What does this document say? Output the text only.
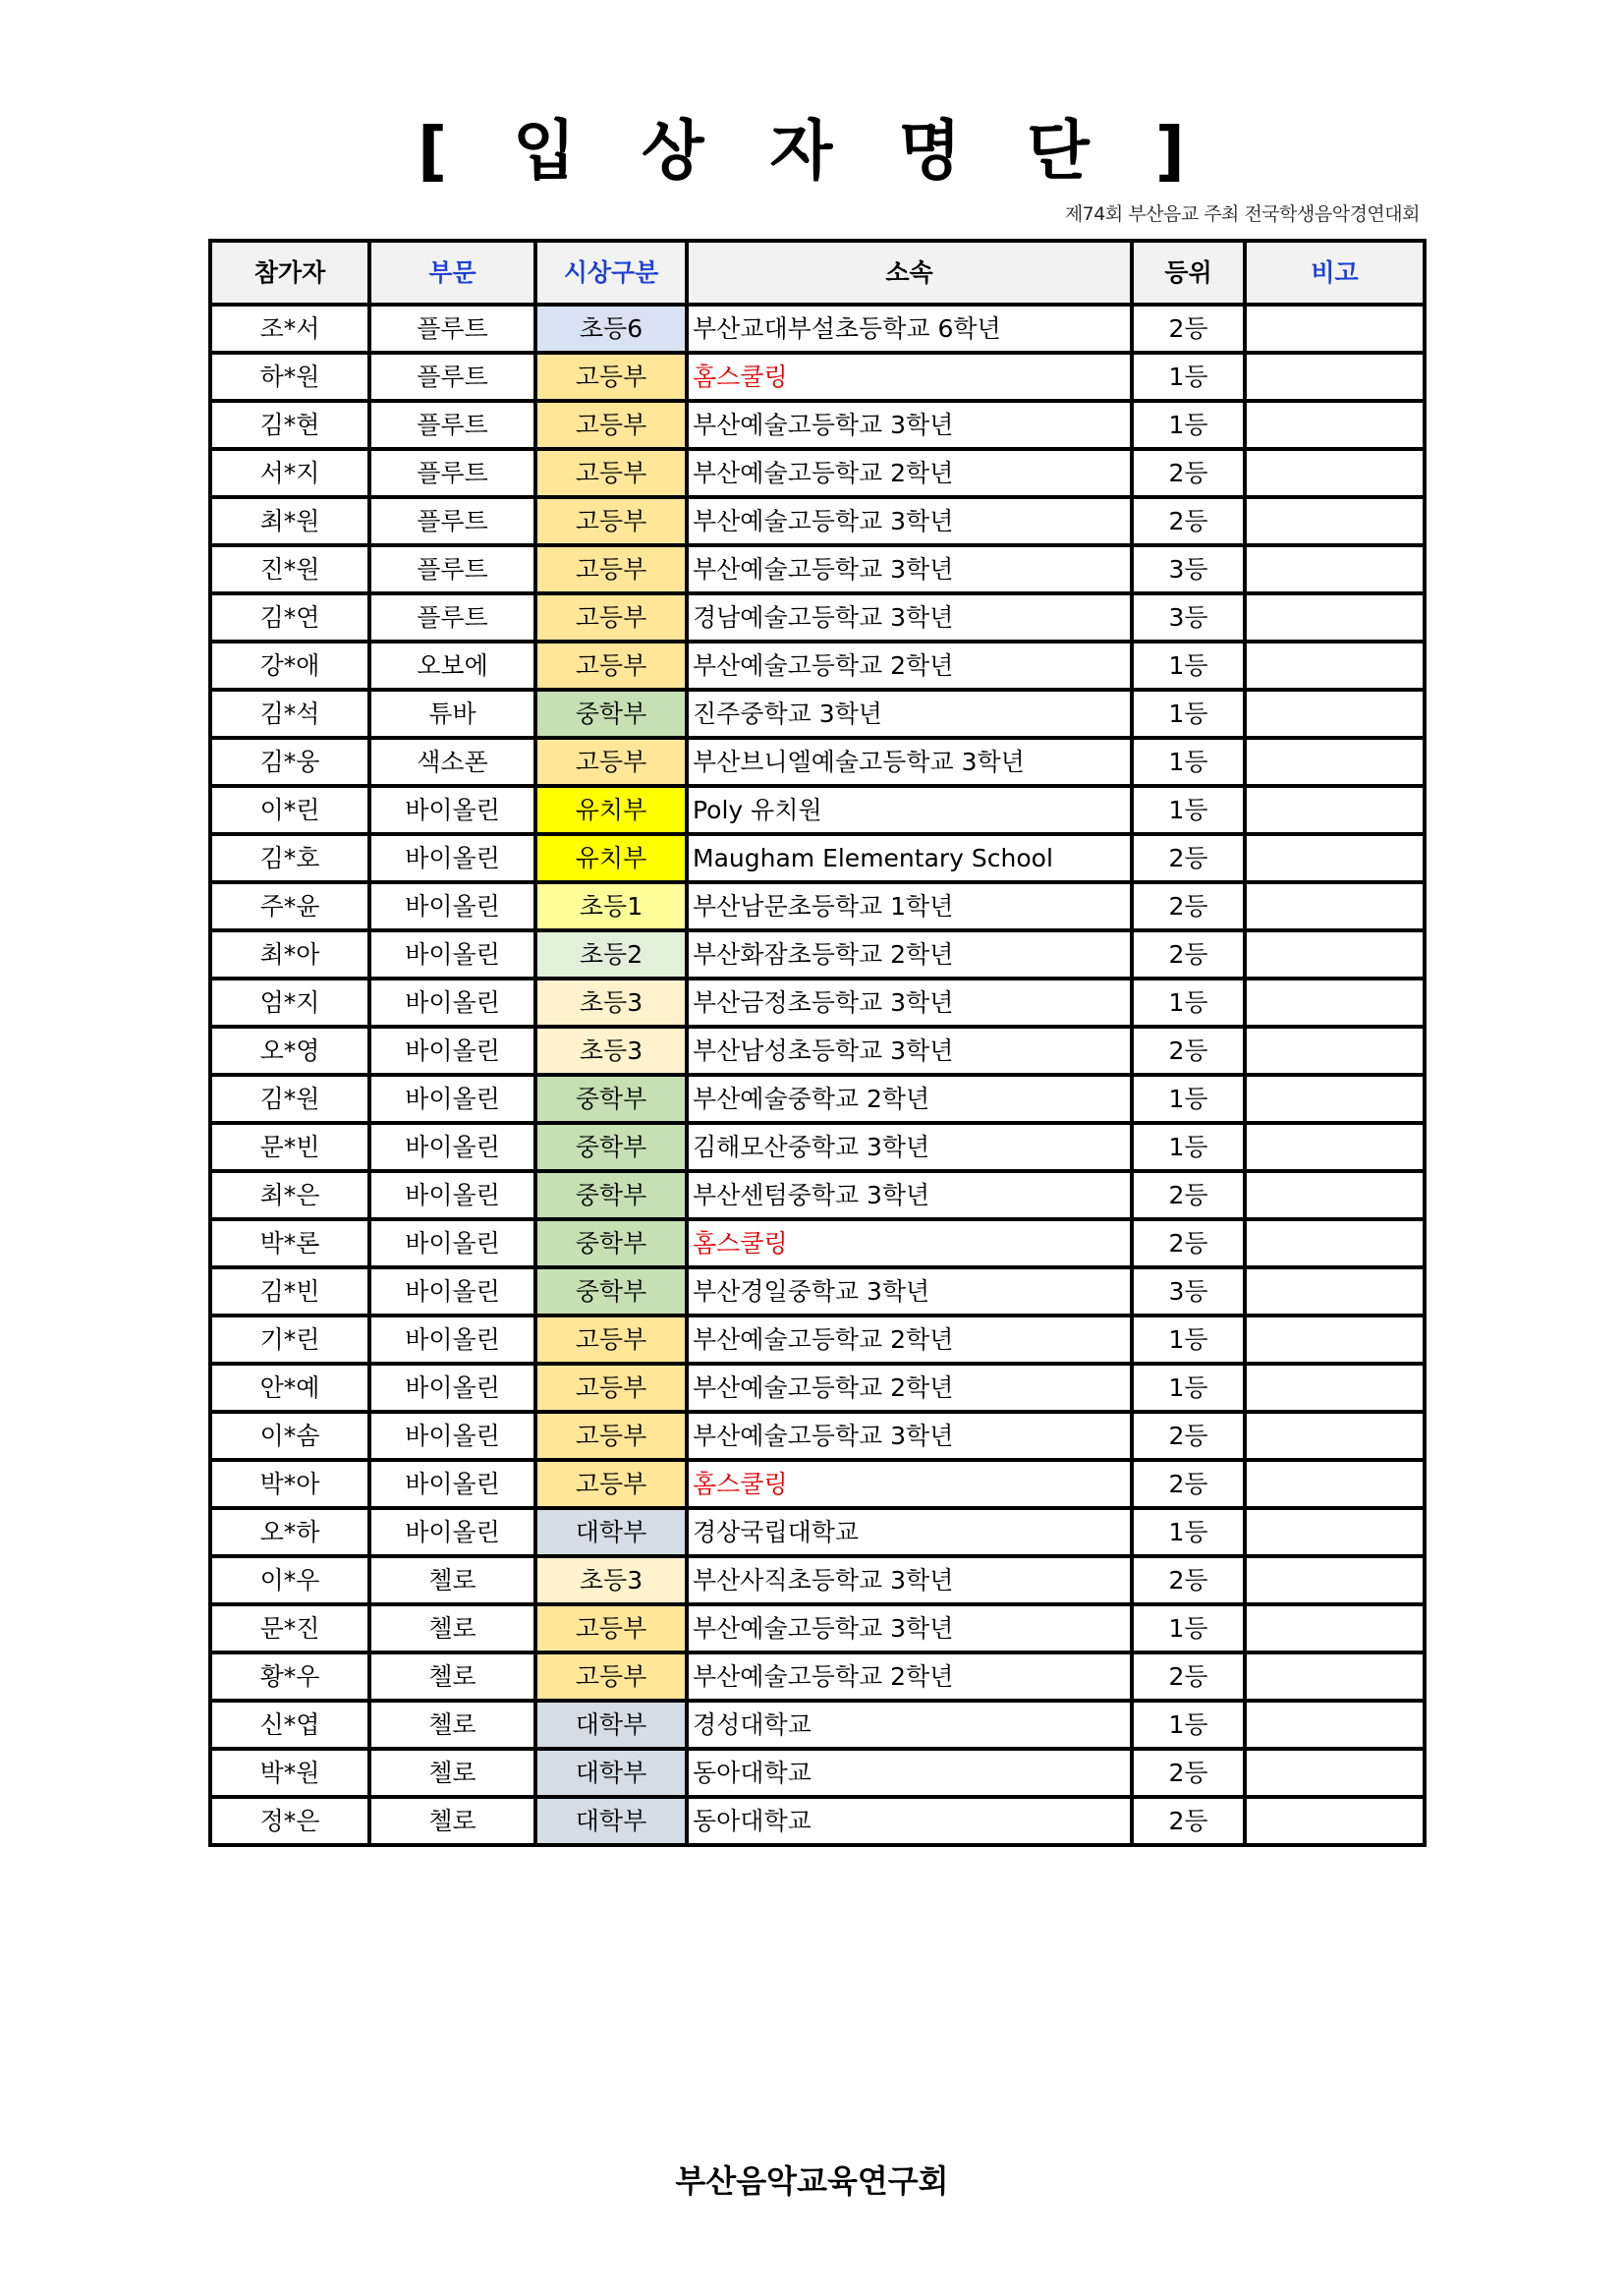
[ 입 상 자 명 단 ]
제74회 부산음교 주최 전국학생음악경연대회
참가자	부문	시상구분	소속	등위	비고
조*서	플루트	초등6	부산교대부설초등학교 6학년	2등	
하*원	플루트	고등부	홈스쿨링	1등	
김*현	플루트	고등부	부산예술고등학교 3학년	1등	
서*지	플루트	고등부	부산예술고등학교 2학년	2등	
최*원	플루트	고등부	부산예술고등학교 3학년	2등	
진*원	플루트	고등부	부산예술고등학교 3학년	3등	
김*연	플루트	고등부	경남예술고등학교 3학년	3등	
강*애	오보에	고등부	부산예술고등학교 2학년	1등	
김*석	튜바	중학부	진주중학교 3학년	1등	
김*웅	색소폰	고등부	부산브니엘예술고등학교 3학년	1등	
이*린	바이올린	유치부	Poly 유치원	1등	
김*호	바이올린	유치부	Maugham Elementary School	2등	
주*윤	바이올린	초등1	부산남문초등학교 1학년	2등	
최*아	바이올린	초등2	부산화잠초등학교 2학년	2등	
엄*지	바이올린	초등3	부산금정초등학교 3학년	1등	
오*영	바이올린	초등3	부산남성초등학교 3학년	2등	
김*원	바이올린	중학부	부산예술중학교 2학년	1등	
문*빈	바이올린	중학부	김해모산중학교 3학년	1등	
최*은	바이올린	중학부	부산센텀중학교 3학년	2등	
박*론	바이올린	중학부	홈스쿨링	2등	
김*빈	바이올린	중학부	부산경일중학교 3학년	3등	
기*린	바이올린	고등부	부산예술고등학교 2학년	1등	
안*예	바이올린	고등부	부산예술고등학교 2학년	1등	
이*솜	바이올린	고등부	부산예술고등학교 3학년	2등	
박*아	바이올린	고등부	홈스쿨링	2등	
오*하	바이올린	대학부	경상국립대학교	1등	
이*우	첼로	초등3	부산사직초등학교 3학년	2등	
문*진	첼로	고등부	부산예술고등학교 3학년	1등	
황*우	첼로	고등부	부산예술고등학교 2학년	2등	
신*엽	첼로	대학부	경성대학교	1등	
박*원	첼로	대학부	동아대학교	2등	
정*은	첼로	대학부	동아대학교	2등	
부산음악교육연구회
